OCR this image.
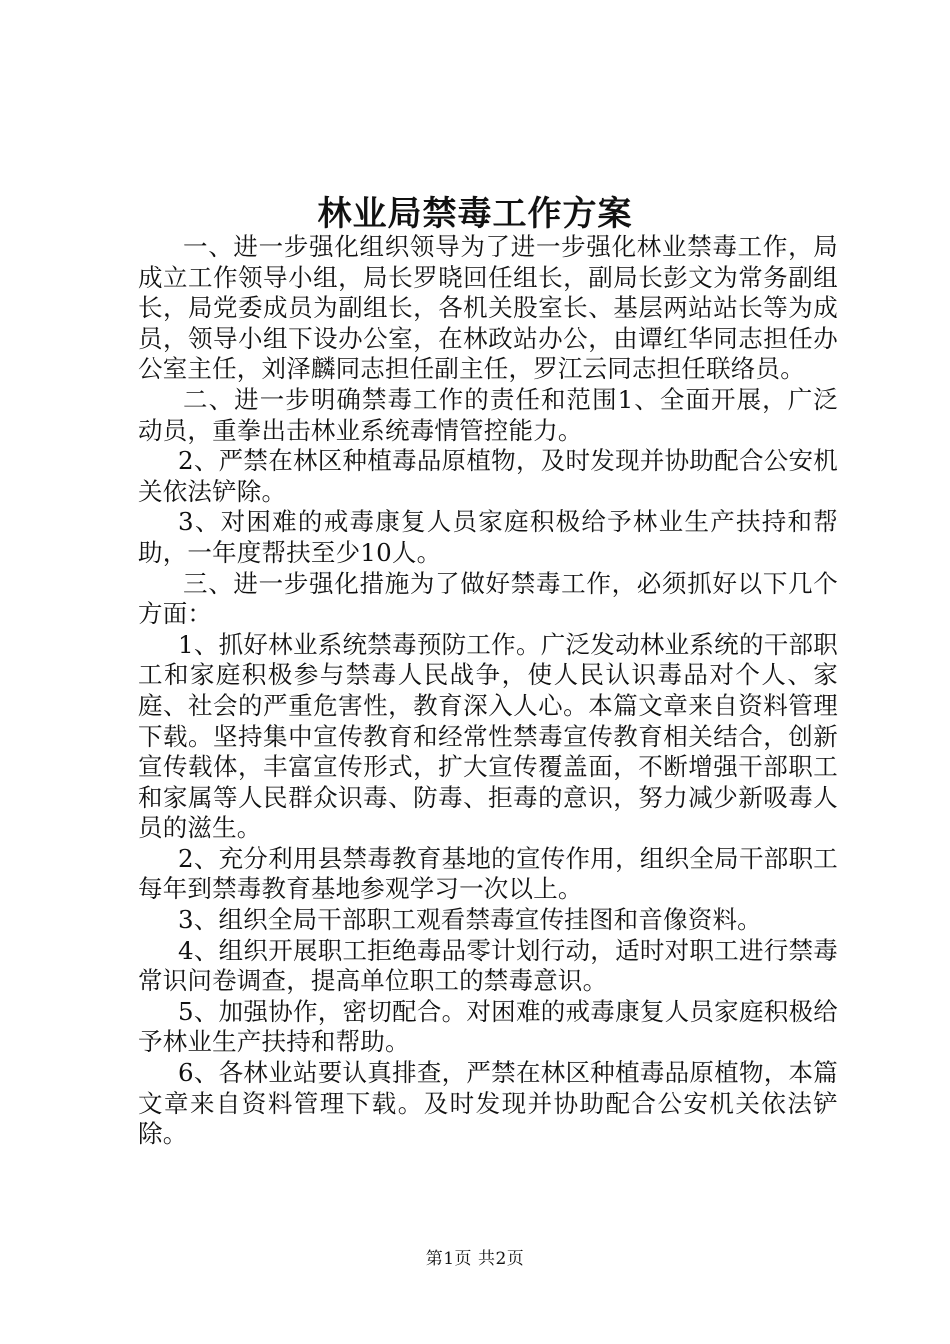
林业局禁毒工作方案

一、进一步强化组织领导为了进一步强化林业禁毒工作，局成立工作领导小组，局长罗晓回任组长，副局长彭文为常务副组长，局党委成员为副组长，各机关股室长、基层两站站长等为成员，领导小组下设办公室，在林政站办公，由谭红华同志担任办公室主任，刘泽麟同志担任副主任，罗江云同志担任联络员。

二、进一步明确禁毒工作的责任和范围1、全面开展，广泛动员，重拳出击林业系统毒情管控能力。

2、严禁在林区种植毒品原植物，及时发现并协助配合公安机关依法铲除。

3、对困难的戒毒康复人员家庭积极给予林业生产扶持和帮助，一年度帮扶至少10人。

三、进一步强化措施为了做好禁毒工作，必须抓好以下几个方面：

1、抓好林业系统禁毒预防工作。广泛发动林业系统的干部职工和家庭积极参与禁毒人民战争，使人民认识毒品对个人、家庭、社会的严重危害性，教育深入人心。本篇文章来自资料管理下载。坚持集中宣传教育和经常性禁毒宣传教育相关结合，创新宣传载体，丰富宣传形式，扩大宣传覆盖面，不断增强干部职工和家属等人民群众识毒、防毒、拒毒的意识，努力减少新吸毒人员的滋生。

2、充分利用县禁毒教育基地的宣传作用，组织全局干部职工每年到禁毒教育基地参观学习一次以上。

3、组织全局干部职工观看禁毒宣传挂图和音像资料。

4、组织开展职工拒绝毒品零计划行动，适时对职工进行禁毒常识问卷调查，提高单位职工的禁毒意识。

5、加强协作，密切配合。对困难的戒毒康复人员家庭积极给予林业生产扶持和帮助。

6、各林业站要认真排查，严禁在林区种植毒品原植物，本篇文章来自资料管理下载。及时发现并协助配合公安机关依法铲除。

第1页 共2页
